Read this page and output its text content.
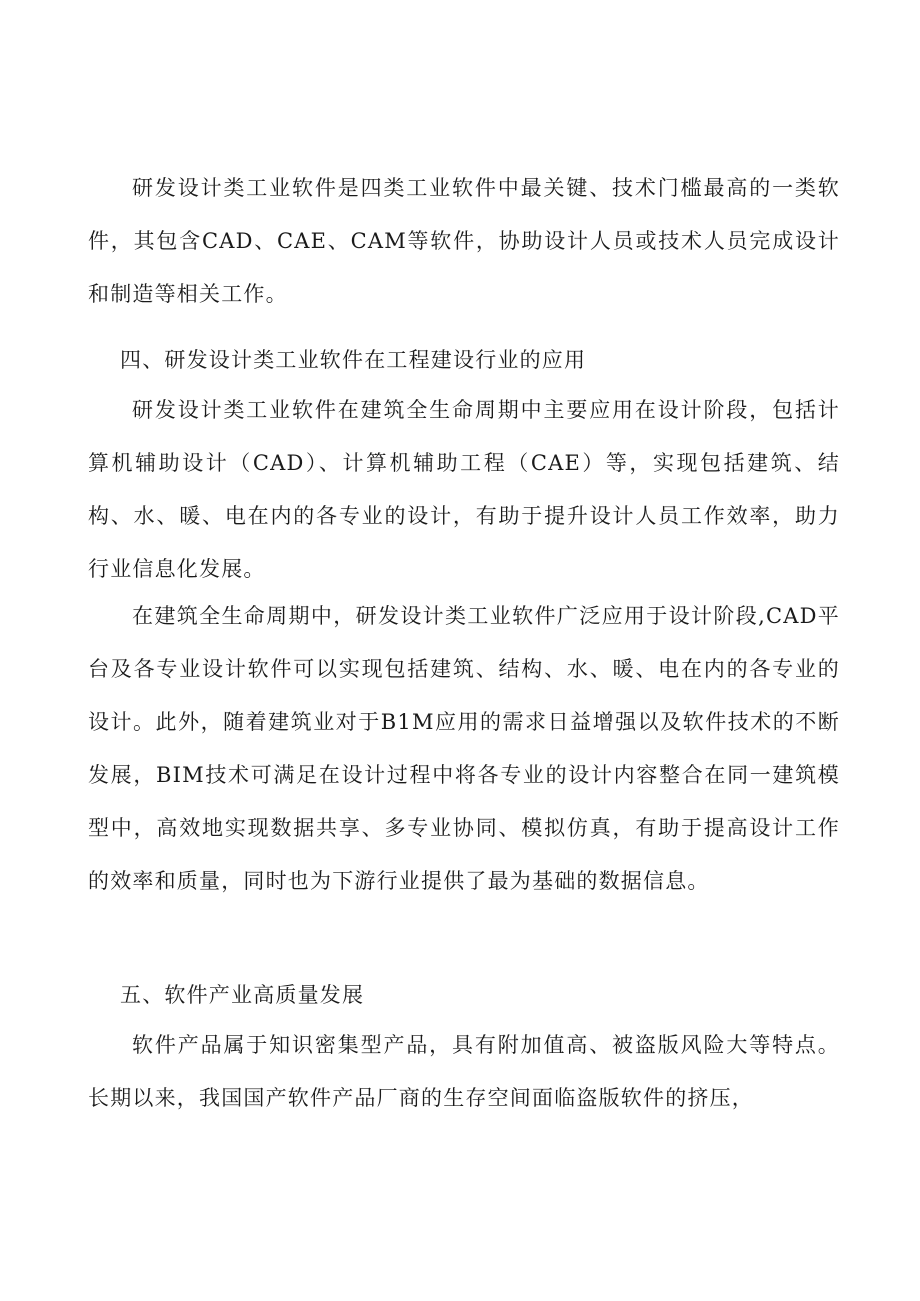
研发设计类工业软件是四类工业软件中最关键、技术门槛最高的一类软件，其包含CAD、CAE、CAM等软件，协助设计人员或技术人员完成设计和制造等相关工作。

四、研发设计类工业软件在工程建设行业的应用

研发设计类工业软件在建筑全生命周期中主要应用在设计阶段，包括计算机辅助设计（CAD）、计算机辅助工程（CAE）等，实现包括建筑、结构、水、暖、电在内的各专业的设计，有助于提升设计人员工作效率，助力行业信息化发展。

在建筑全生命周期中，研发设计类工业软件广泛应用于设计阶段,CAD平台及各专业设计软件可以实现包括建筑、结构、水、暖、电在内的各专业的设计。此外，随着建筑业对于B1M应用的需求日益增强以及软件技术的不断发展，BIM技术可满足在设计过程中将各专业的设计内容整合在同一建筑模型中，高效地实现数据共享、多专业协同、模拟仿真，有助于提高设计工作的效率和质量，同时也为下游行业提供了最为基础的数据信息。

五、软件产业高质量发展

软件产品属于知识密集型产品，具有附加值高、被盗版风险大等特点。长期以来，我国国产软件产品厂商的生存空间面临盗版软件的挤压，
